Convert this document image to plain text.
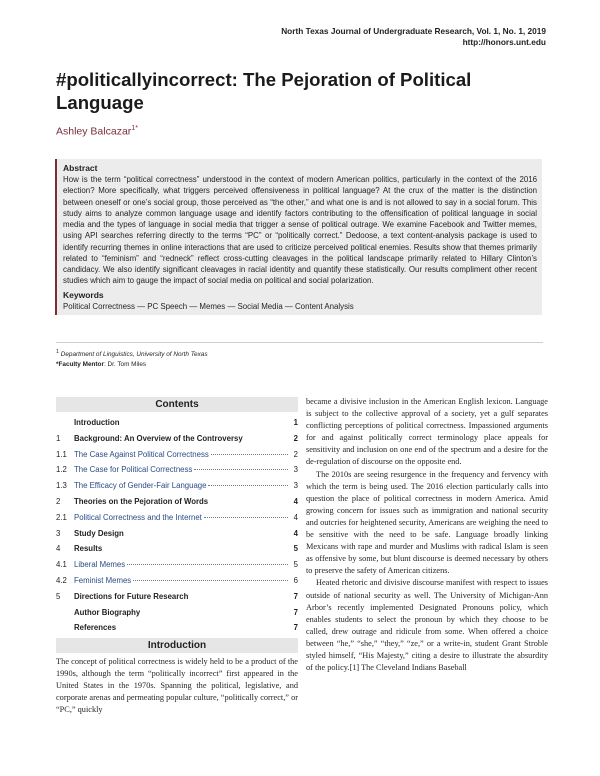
North Texas Journal of Undergraduate Research, Vol. 1, No. 1, 2019
http://honors.unt.edu
#politicallyincorrect: The Pejoration of Political Language
Ashley Balcazar$^{1*}$
Abstract

How is the term “political correctness” understood in the context of modern American politics, particularly in the context of the 2016 election? More specifically, what triggers perceived offensiveness in political language? At the crux of the matter is the distinction between oneself or one’s social group, those perceived as “the other,” and what one is and is not allowed to say in a social forum. This study aims to analyze common language usage and identify factors contributing to the offensification of political language in social media and the types of language in social media that trigger a sense of political outrage. We examine Facebook and Twitter memes, using API searches referring directly to the terms “PC” or “politically correct.” Dedoose, a text content-analysis package is used to identify recurring themes in online interactions that are used to criticize perceived political enemies. Results show that themes primarily related to “feminism” and “redneck” reflect cross-cutting cleavages in the political landscape primarily related to Hillary Clinton’s candidacy. We also identify significant cleavages in racial identity and quantify these statistically. Our results compliment other recent studies which aim to gauge the impact of social media on political and social polarization.

Keywords

Political Correctness — PC Speech — Memes — Social Media — Content Analysis

$^1$ Department of Linguistics, University of North Texas
*Faculty Mentor: Dr. Tom Miles
Contents
Introduction	1
1	Background: An Overview of the Controversy	2
1.1 The Case Against Political Correctness	2
1.2 The Case for Political Correctness	3
1.3 The Efficacy of Gender-Fair Language	3
2	Theories on the Pejoration of Words	4
2.1 Political Correctness and the Internet	4
3	Study Design	4
4	Results	5
4.1 Liberal Memes	5
4.2 Feminist Memes	6
5	Directions for Future Research	7
Author Biography	7
References	7
Introduction

The concept of political correctness is widely held to be a product of the 1990s, although the term “politically incorrect” first appeared in the United States in the 1970s. Spanning the political, legislative, and corporate arenas and permeating popular culture, “politically correct,” or “PC,” quickly

became a divisive inclusion in the American English lexicon. Language is subject to the collective approval of a society, yet a gulf separates conflicting perceptions of political correctness. Impassioned arguments for and against politically correct terminology place appeals for sensitivity and inclusion on one end of the spectrum and a desire for the de-regulation of discourse on the opposite end.

The 2010s are seeing resurgence in the frequency and fervency with which the term is being used. The 2016 election particularly calls into question the place of political correctness in modern America. Amid growing concern for issues such as immigration and national security and outcries for heightened security, Americans are weighing the need to be sensitive with the need to be safe. Language broadly linking Mexicans with rape and murder and Muslims with radical Islam is seen as offensive by some, but blunt discourse is deemed necessary by others to preserve the safety of American citizens.

Heated rhetoric and divisive discourse manifest with respect to issues outside of national security as well. The University of Michigan-Ann Arbor’s recently implemented Designated Pronouns policy, which enables students to select the pronoun by which they choose to be called, drew outrage and ridicule from some. When offered a choice between “he,” “she,” “they,” “ze,” or a write-in, student Grant Stroble styled himself, “His Majesty,” citing a desire to illustrate the absurdity of the policy.[1] The Cleveland Indians Baseball
